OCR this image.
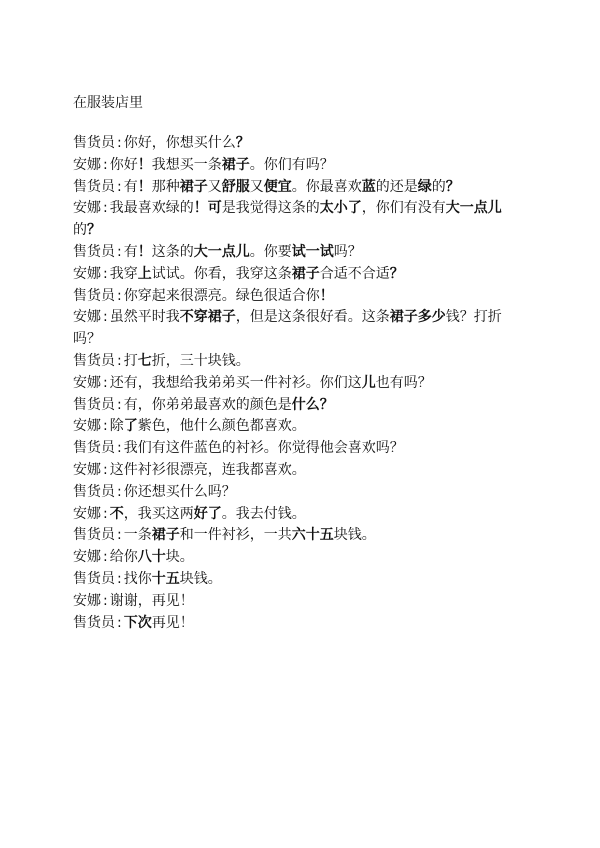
在服装店里

售货员 : 你好，你想买什么？

安娜 : 你好！我想买一条裙子。你们有吗？

售货员 : 有！那种裙子又舒服又便宜。你最喜欢蓝的还是绿的？

安娜 : 我最喜欢绿的！可是我觉得这条的太小了，你们有没有大一点儿的？

售货员 : 有！这条的大一点儿。你要试一试吗？

安娜 : 我穿上试试。你看，我穿这条裙子合适不合适？

售货员 : 你穿起来很漂亮。绿色很适合你！

安娜 : 虽然平时我不穿裙子，但是这条很好看。这条裙子多少钱？打折吗？

售货员 : 打七折，三十块钱。

安娜 : 还有，我想给我弟弟买一件衬衫。你们这儿也有吗？

售货员 : 有，你弟弟最喜欢的颜色是什么？

安娜 : 除了紫色，他什么颜色都喜欢。

售货员 : 我们有这件蓝色的衬衫。你觉得他会喜欢吗？

安娜 : 这件衬衫很漂亮，连我都喜欢。

售货员 : 你还想买什么吗？

安娜 : 不，我买这两好了。我去付钱。

售货员 : 一条裙子和一件衬衫，一共六十五块钱。

安娜 : 给你八十块。

售货员 : 找你十五块钱。

安娜 : 谢谢，再见！

售货员 : 下次再见！
